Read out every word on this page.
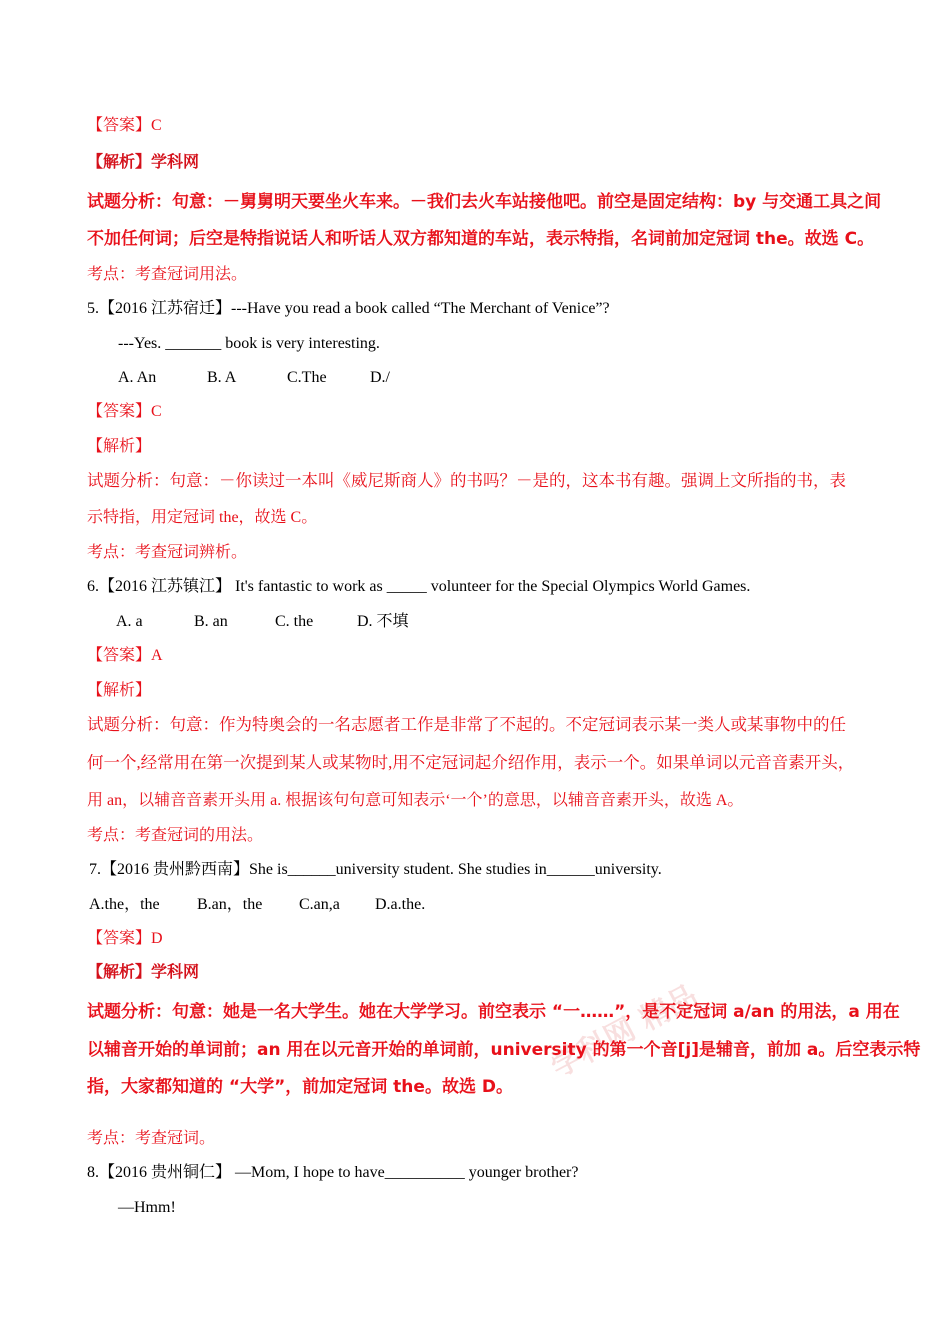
学科网 精品
【答案】C
【解析】学科网
试题分析：句意：－舅舅明天要坐火车来。－我们去火车站接他吧。前空是固定结构：by 与交通工具之间
不加任何词；后空是特指说话人和听话人双方都知道的车站，表示特指，名词前加定冠词 the。故选 C。
考点：考查冠词用法。
5.【2016 江苏宿迁】---Have you read a book called “The Merchant of Venice”?
---Yes. _______ book is very interesting.
A. An	B. A	C.The	D./
【答案】C
【解析】
试题分析：句意：－你读过一本叫《威尼斯商人》的书吗？－是的，这本书有趣。强调上文所指的书，表
示特指，用定冠词 the，故选 C。
考点：考查冠词辨析。
6.【2016 江苏镇江】 It's fantastic to work as _____ volunteer for the Special Olympics World Games.
A. a	B. an	C. the	D. 不填
【答案】A
【解析】
试题分析：句意：作为特奥会的一名志愿者工作是非常了不起的。不定冠词表示某一类人或某事物中的任
何一个,经常用在第一次提到某人或某物时,用不定冠词起介绍作用，表示一个。如果单词以元音音素开头，
用 an，以辅音音素开头用 a. 根据该句句意可知表示‘一个’的意思，以辅音音素开头，故选 A。
考点：考查冠词的用法。
7.【2016 贵州黔西南】She is______university student. She studies in______university.
A.the，the B.an，the C.an,a D.a.the.
【答案】D
【解析】学科网
试题分析：句意：她是一名大学生。她在大学学习。前空表示 “一……”，是不定冠词 a/an 的用法，a 用在
以辅音开始的单词前；an 用在以元音开始的单词前，university 的第一个音[j]是辅音，前加 a。后空表示特
指，大家都知道的 “大学”，前加定冠词 the。故选 D。
考点：考查冠词。
8.【2016 贵州铜仁】 —Mom, I hope to have__________ younger brother?
—Hmm!
